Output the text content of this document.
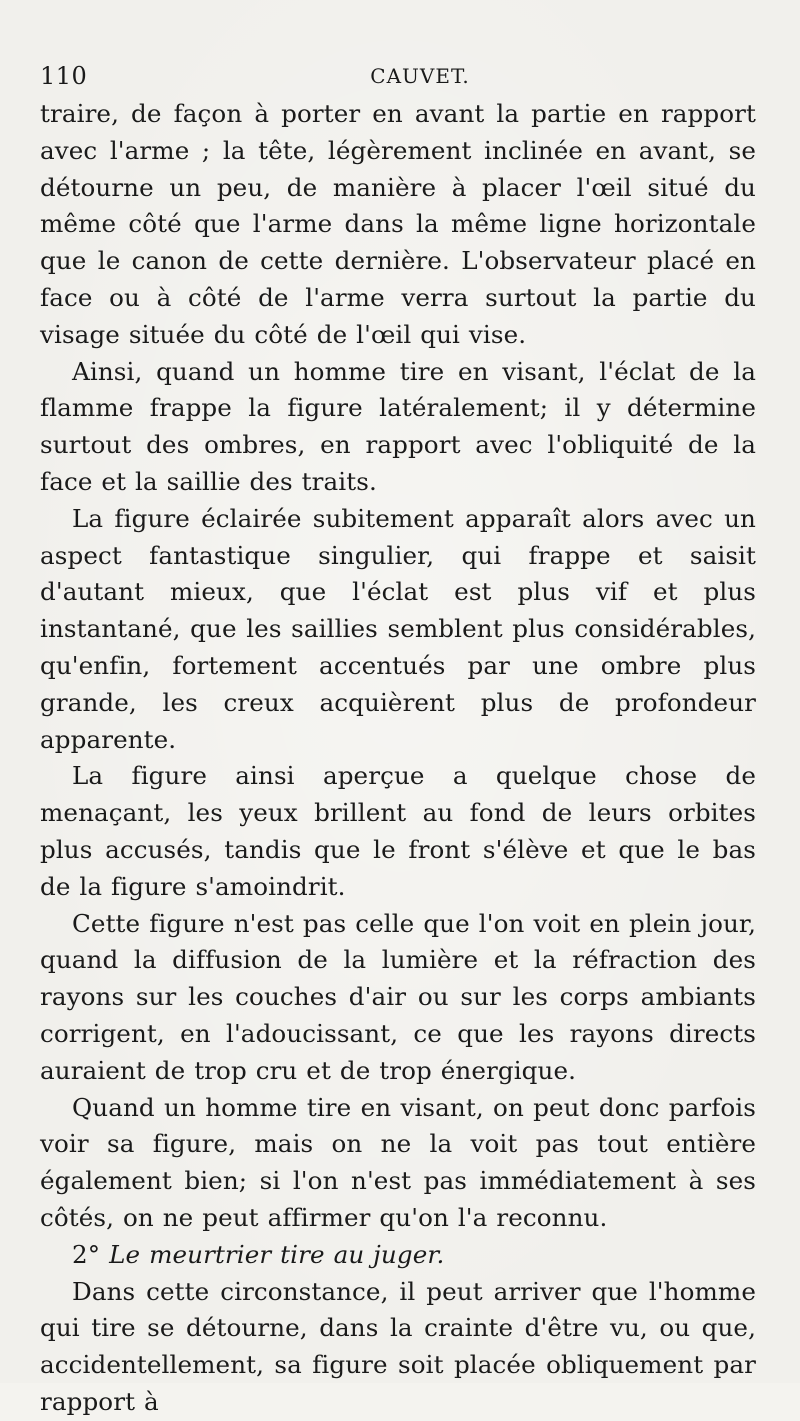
110	CAUVET.

traire, de façon à porter en avant la partie en rapport avec l'arme ; la tête, légèrement inclinée en avant, se détourne un peu, de manière à placer l'œil situé du même côté que l'arme dans la même ligne horizontale que le canon de cette dernière. L'observateur placé en face ou à côté de l'arme verra surtout la partie du visage située du côté de l'œil qui vise.

Ainsi, quand un homme tire en visant, l'éclat de la flamme frappe la figure latéralement; il y détermine surtout des ombres, en rapport avec l'obliquité de la face et la saillie des traits.

La figure éclairée subitement apparaît alors avec un aspect fantastique singulier, qui frappe et saisit d'autant mieux, que l'éclat est plus vif et plus instantané, que les saillies semblent plus considérables, qu'enfin, fortement accentués par une ombre plus grande, les creux acquièrent plus de profondeur apparente.

La figure ainsi aperçue a quelque chose de menaçant, les yeux brillent au fond de leurs orbites plus accusés, tandis que le front s'élève et que le bas de la figure s'amoindrit.

Cette figure n'est pas celle que l'on voit en plein jour, quand la diffusion de la lumière et la réfraction des rayons sur les couches d'air ou sur les corps ambiants corrigent, en l'adoucissant, ce que les rayons directs auraient de trop cru et de trop énergique.

Quand un homme tire en visant, on peut donc parfois voir sa figure, mais on ne la voit pas tout entière également bien; si l'on n'est pas immédiatement à ses côtés, on ne peut affirmer qu'on l'a reconnu.

2° Le meurtrier tire au juger.

Dans cette circonstance, il peut arriver que l'homme qui tire se détourne, dans la crainte d'être vu, ou que, accidentellement, sa figure soit placée obliquement par rapport à
